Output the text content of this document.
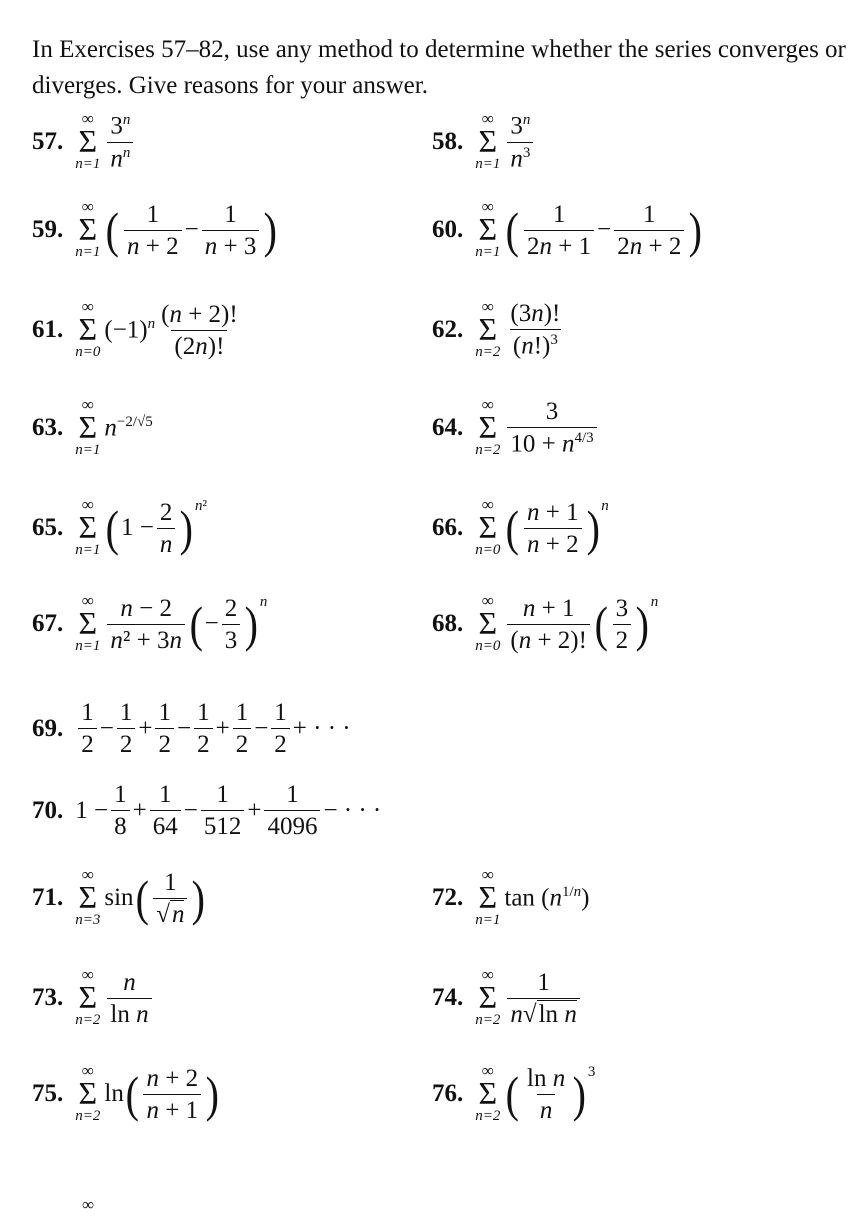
In Exercises 57–82, use any method to determine whether the series converges or diverges. Give reasons for your answer.
57.
∞
Σ
$n=1 \frac{3^n}{n^n}$	58.
∞
Σ
$n=1 \frac{3^n}{n^3}$
59.
∞
Σ
n=1 ( $\frac{1}{n + 2} - \frac{1}{n + 3}$ )	60.
∞
Σ
n=1 ( $\frac{1}{2n + 1} - \frac{1}{2n + 2}$ )
61.
∞
Σ
n=0
$(-1)^n \frac{(n + 2)!}{(2n)!}$	62.
∞
Σ
$n=2 \frac{(3n)!}{(n!)^3}$
63.
∞
Σ
n=1
$n^{-2/√5}$	64.
∞
Σ
$n=2 \frac{3}{10 + n^{4/3}}$
65.
∞
Σ
n=1 ( $1 - \frac{2}{n}$ ) $^{n^2}$
66.
∞
Σ
n=0 ( $\frac{n + 1}{n + 2} )^n$
67.
∞
Σ
$n=1 \frac{n - 2}{\text{n² + 3n}}$ ( − $\frac{2}{3} )^n$
68.
∞
Σ
$n=0 \frac{n + 1}{(n + 2)!}$ ( $\frac{3}{2} )^n$
69. $\frac{1}{2} - \frac{1}{2} + \frac{1}{2} - \frac{1}{2} + \frac{1}{2} - \frac{1}{2}$ + · · ·
70. $1 - \frac{1}{8} + \frac{1}{64} - \frac{1}{512} + \frac{1}{4096}$ − · · ·
71.
∞
Σ
n=3
sin ( $\frac{1}{√n}$ )	72.
∞
Σ
n=1
$\tan (n^{1/n})$
73.
∞
Σ
$n=2 \frac{n}{\text{ln n}}$	74.
∞
Σ
$n=2 \frac{1}{\text{n√ln n}}$
75.
∞
Σ
n=2
ln ( $\frac{n + 2}{n + 1}$ )	76.
∞
Σ
n=2 ( $\frac{\text{ln n}}{n} )^3$
∞
